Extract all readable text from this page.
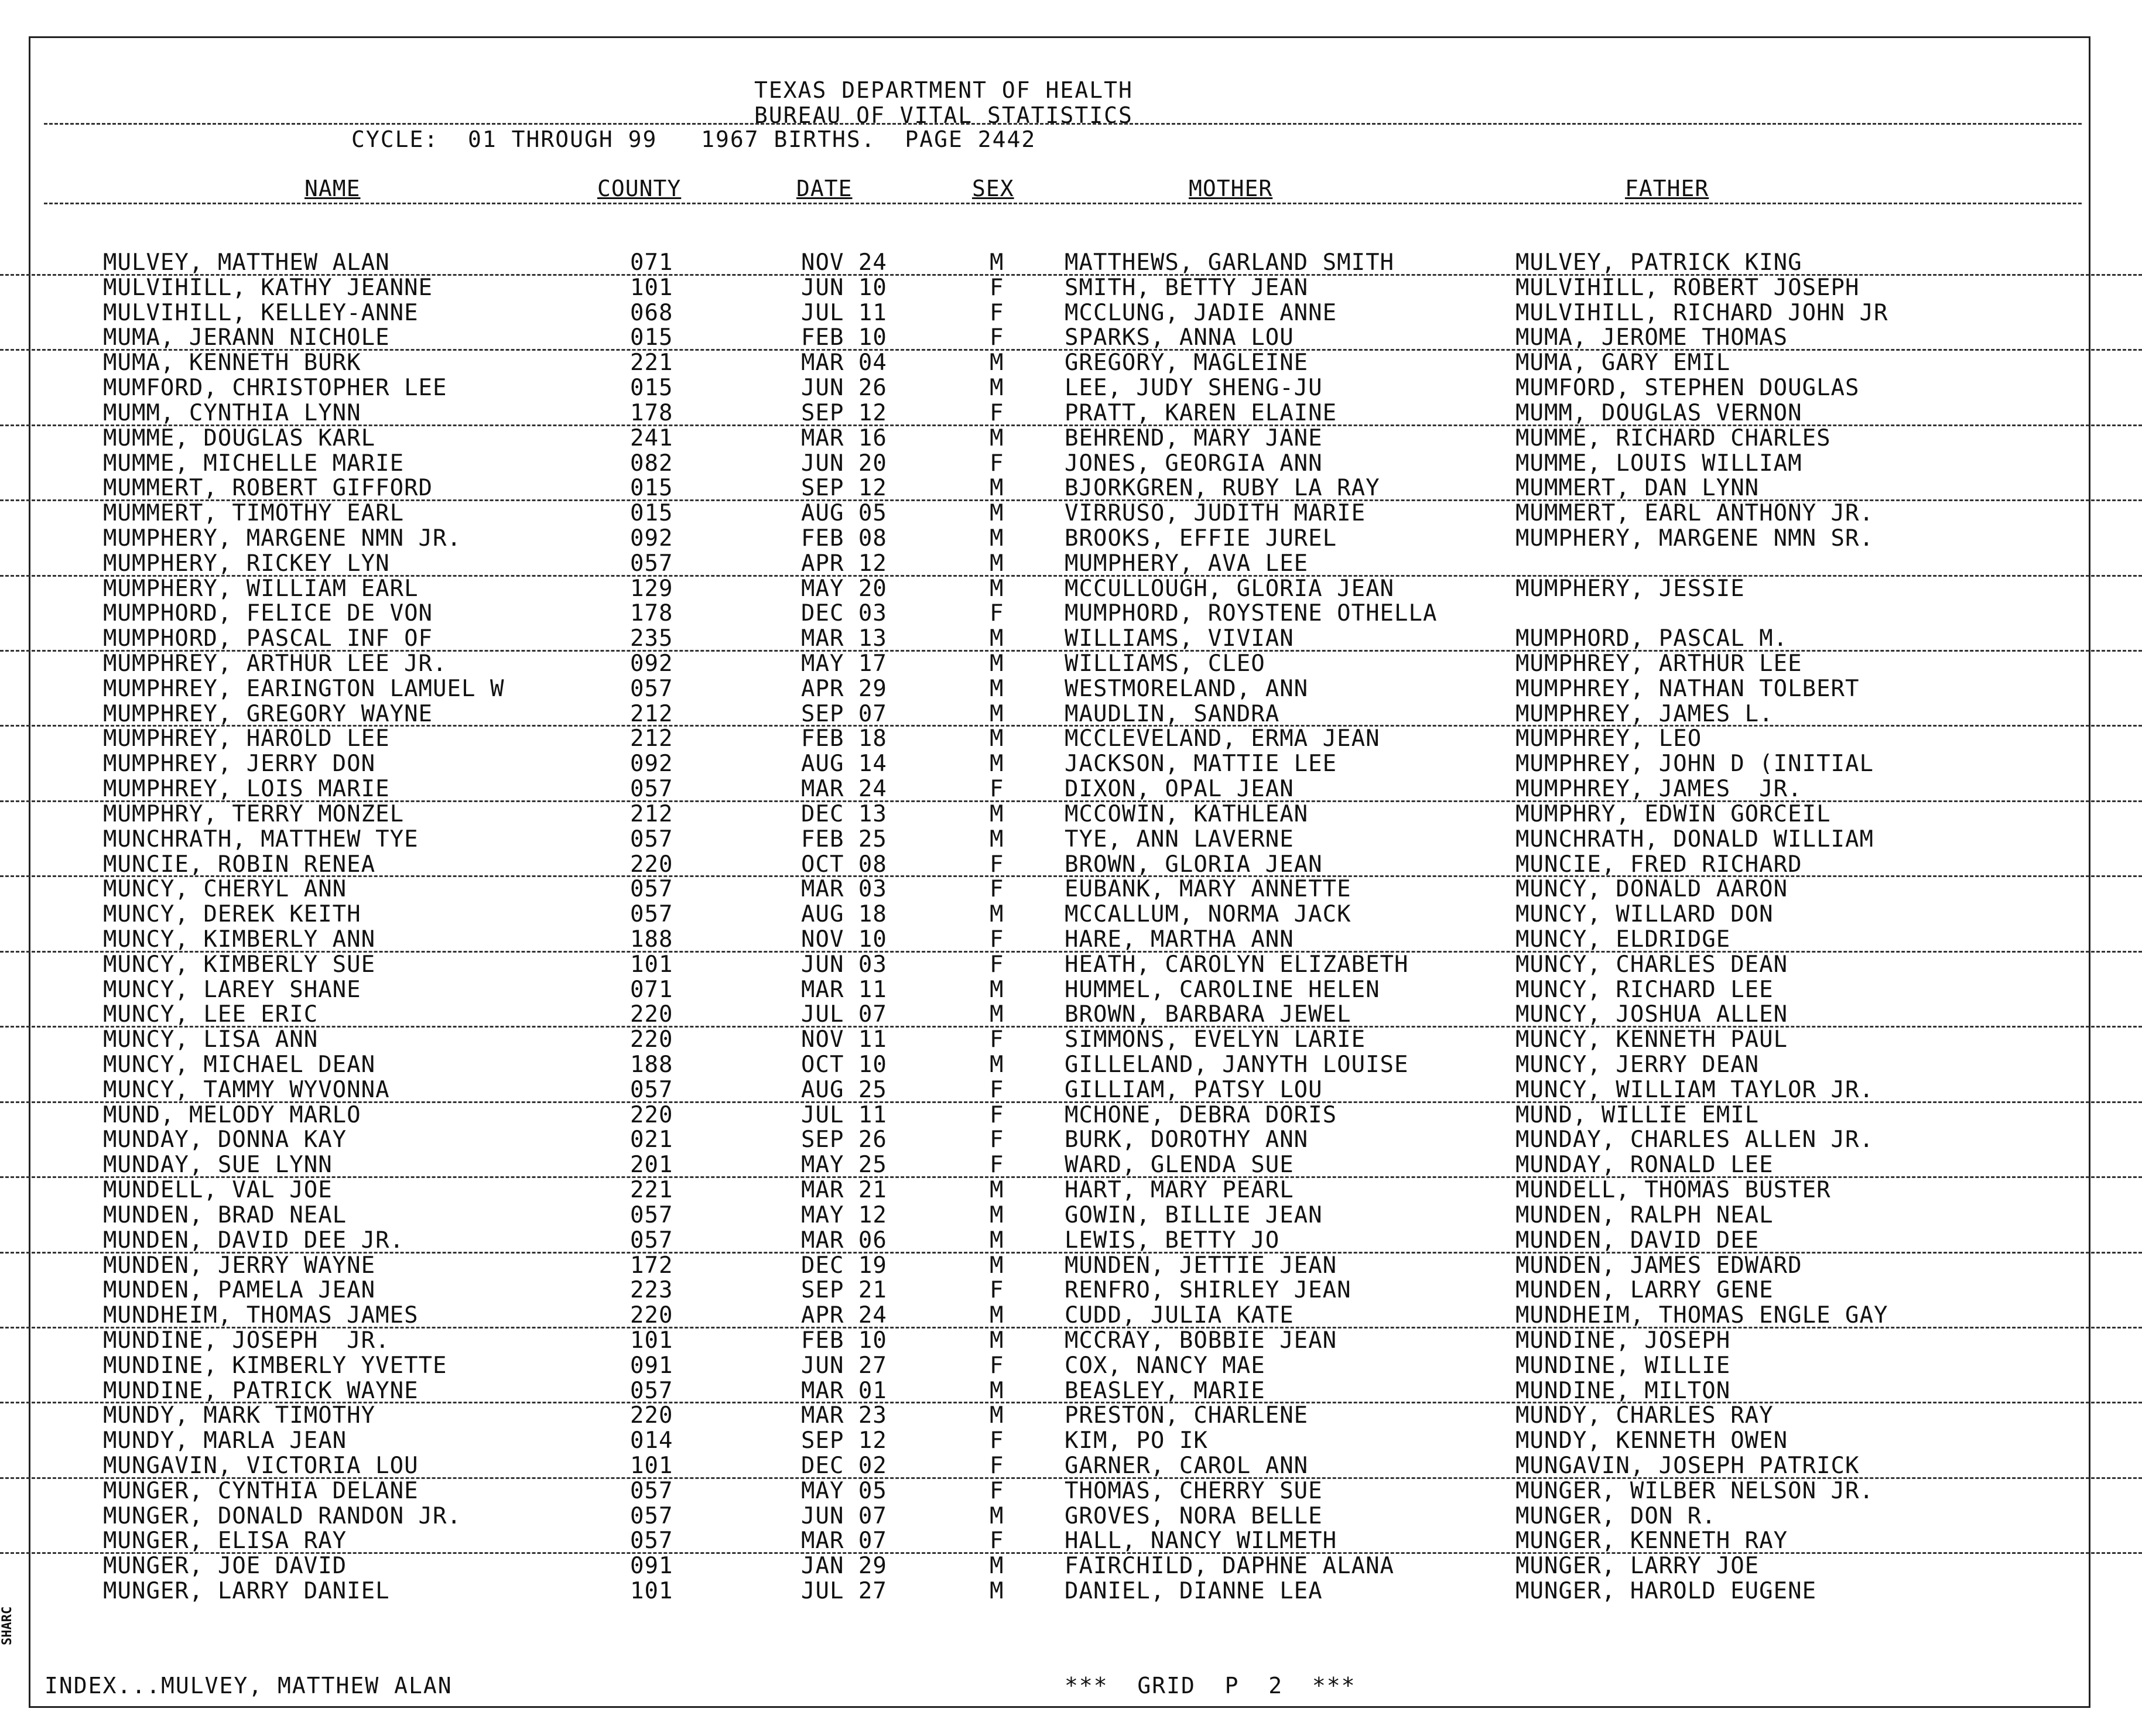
TEXAS DEPARTMENT OF HEALTH
BUREAU OF VITAL STATISTICS
CYCLE:  01 THROUGH 99   1967 BIRTHS.  PAGE 2442
NAME	COUNTY	DATE	SEX	MOTHER	FATHER
MULVEY, MATTHEW ALAN	071	NOV 24	M	MATTHEWS, GARLAND SMITH	MULVEY, PATRICK KING
MULVIHILL, KATHY JEANNE	101	JUN 10	F	SMITH, BETTY JEAN	MULVIHILL, ROBERT JOSEPH
MULVIHILL, KELLEY-ANNE	068	JUL 11	F	MCCLUNG, JADIE ANNE	MULVIHILL, RICHARD JOHN JR
MUMA, JERANN NICHOLE	015	FEB 10	F	SPARKS, ANNA LOU	MUMA, JEROME THOMAS
MUMA, KENNETH BURK	221	MAR 04	M	GREGORY, MAGLEINE	MUMA, GARY EMIL
MUMFORD, CHRISTOPHER LEE	015	JUN 26	M	LEE, JUDY SHENG-JU	MUMFORD, STEPHEN DOUGLAS
MUMM, CYNTHIA LYNN	178	SEP 12	F	PRATT, KAREN ELAINE	MUMM, DOUGLAS VERNON
MUMME, DOUGLAS KARL	241	MAR 16	M	BEHREND, MARY JANE	MUMME, RICHARD CHARLES
MUMME, MICHELLE MARIE	082	JUN 20	F	JONES, GEORGIA ANN	MUMME, LOUIS WILLIAM
MUMMERT, ROBERT GIFFORD	015	SEP 12	M	BJORKGREN, RUBY LA RAY	MUMMERT, DAN LYNN
MUMMERT, TIMOTHY EARL	015	AUG 05	M	VIRRUSO, JUDITH MARIE	MUMMERT, EARL ANTHONY JR.
MUMPHERY, MARGENE NMN JR.	092	FEB 08	M	BROOKS, EFFIE JUREL	MUMPHERY, MARGENE NMN SR.
MUMPHERY, RICKEY LYN	057	APR 12	M	MUMPHERY, AVA LEE
MUMPHERY, WILLIAM EARL	129	MAY 20	M	MCCULLOUGH, GLORIA JEAN	MUMPHERY, JESSIE
MUMPHORD, FELICE DE VON	178	DEC 03	F	MUMPHORD, ROYSTENE OTHELLA
MUMPHORD, PASCAL INF OF	235	MAR 13	M	WILLIAMS, VIVIAN	MUMPHORD, PASCAL M.
MUMPHREY, ARTHUR LEE JR.	092	MAY 17	M	WILLIAMS, CLEO	MUMPHREY, ARTHUR LEE
MUMPHREY, EARINGTON LAMUEL W	057	APR 29	M	WESTMORELAND, ANN	MUMPHREY, NATHAN TOLBERT
MUMPHREY, GREGORY WAYNE	212	SEP 07	M	MAUDLIN, SANDRA	MUMPHREY, JAMES L.
MUMPHREY, HAROLD LEE	212	FEB 18	M	MCCLEVELAND, ERMA JEAN	MUMPHREY, LEO
MUMPHREY, JERRY DON	092	AUG 14	M	JACKSON, MATTIE LEE	MUMPHREY, JOHN D (INITIAL
MUMPHREY, LOIS MARIE	057	MAR 24	F	DIXON, OPAL JEAN	MUMPHREY, JAMES  JR.
MUMPHRY, TERRY MONZEL	212	DEC 13	M	MCCOWIN, KATHLEAN	MUMPHRY, EDWIN GORCEIL
MUNCHRATH, MATTHEW TYE	057	FEB 25	M	TYE, ANN LAVERNE	MUNCHRATH, DONALD WILLIAM
MUNCIE, ROBIN RENEA	220	OCT 08	F	BROWN, GLORIA JEAN	MUNCIE, FRED RICHARD
MUNCY, CHERYL ANN	057	MAR 03	F	EUBANK, MARY ANNETTE	MUNCY, DONALD AARON
MUNCY, DEREK KEITH	057	AUG 18	M	MCCALLUM, NORMA JACK	MUNCY, WILLARD DON
MUNCY, KIMBERLY ANN	188	NOV 10	F	HARE, MARTHA ANN	MUNCY, ELDRIDGE
MUNCY, KIMBERLY SUE	101	JUN 03	F	HEATH, CAROLYN ELIZABETH	MUNCY, CHARLES DEAN
MUNCY, LAREY SHANE	071	MAR 11	M	HUMMEL, CAROLINE HELEN	MUNCY, RICHARD LEE
MUNCY, LEE ERIC	220	JUL 07	M	BROWN, BARBARA JEWEL	MUNCY, JOSHUA ALLEN
MUNCY, LISA ANN	220	NOV 11	F	SIMMONS, EVELYN LARIE	MUNCY, KENNETH PAUL
MUNCY, MICHAEL DEAN	188	OCT 10	M	GILLELAND, JANYTH LOUISE	MUNCY, JERRY DEAN
MUNCY, TAMMY WYVONNA	057	AUG 25	F	GILLIAM, PATSY LOU	MUNCY, WILLIAM TAYLOR JR.
MUND, MELODY MARLO	220	JUL 11	F	MCHONE, DEBRA DORIS	MUND, WILLIE EMIL
MUNDAY, DONNA KAY	021	SEP 26	F	BURK, DOROTHY ANN	MUNDAY, CHARLES ALLEN JR.
MUNDAY, SUE LYNN	201	MAY 25	F	WARD, GLENDA SUE	MUNDAY, RONALD LEE
MUNDELL, VAL JOE	221	MAR 21	M	HART, MARY PEARL	MUNDELL, THOMAS BUSTER
MUNDEN, BRAD NEAL	057	MAY 12	M	GOWIN, BILLIE JEAN	MUNDEN, RALPH NEAL
MUNDEN, DAVID DEE JR.	057	MAR 06	M	LEWIS, BETTY JO	MUNDEN, DAVID DEE
MUNDEN, JERRY WAYNE	172	DEC 19	M	MUNDEN, JETTIE JEAN	MUNDEN, JAMES EDWARD
MUNDEN, PAMELA JEAN	223	SEP 21	F	RENFRO, SHIRLEY JEAN	MUNDEN, LARRY GENE
MUNDHEIM, THOMAS JAMES	220	APR 24	M	CUDD, JULIA KATE	MUNDHEIM, THOMAS ENGLE GAY
MUNDINE, JOSEPH  JR.	101	FEB 10	M	MCCRAY, BOBBIE JEAN	MUNDINE, JOSEPH
MUNDINE, KIMBERLY YVETTE	091	JUN 27	F	COX, NANCY MAE	MUNDINE, WILLIE
MUNDINE, PATRICK WAYNE	057	MAR 01	M	BEASLEY, MARIE	MUNDINE, MILTON
MUNDY, MARK TIMOTHY	220	MAR 23	M	PRESTON, CHARLENE	MUNDY, CHARLES RAY
MUNDY, MARLA JEAN	014	SEP 12	F	KIM, PO IK	MUNDY, KENNETH OWEN
MUNGAVIN, VICTORIA LOU	101	DEC 02	F	GARNER, CAROL ANN	MUNGAVIN, JOSEPH PATRICK
MUNGER, CYNTHIA DELANE	057	MAY 05	F	THOMAS, CHERRY SUE	MUNGER, WILBER NELSON JR.
MUNGER, DONALD RANDON JR.	057	JUN 07	M	GROVES, NORA BELLE	MUNGER, DON R.
MUNGER, ELISA RAY	057	MAR 07	F	HALL, NANCY WILMETH	MUNGER, KENNETH RAY
MUNGER, JOE DAVID	091	JAN 29	M	FAIRCHILD, DAPHNE ALANA	MUNGER, LARRY JOE
MUNGER, LARRY DANIEL	101	JUL 27	M	DANIEL, DIANNE LEA	MUNGER, HAROLD EUGENE
INDEX...MULVEY, MATTHEW ALAN	***  GRID  P  2  ***
SHARC
